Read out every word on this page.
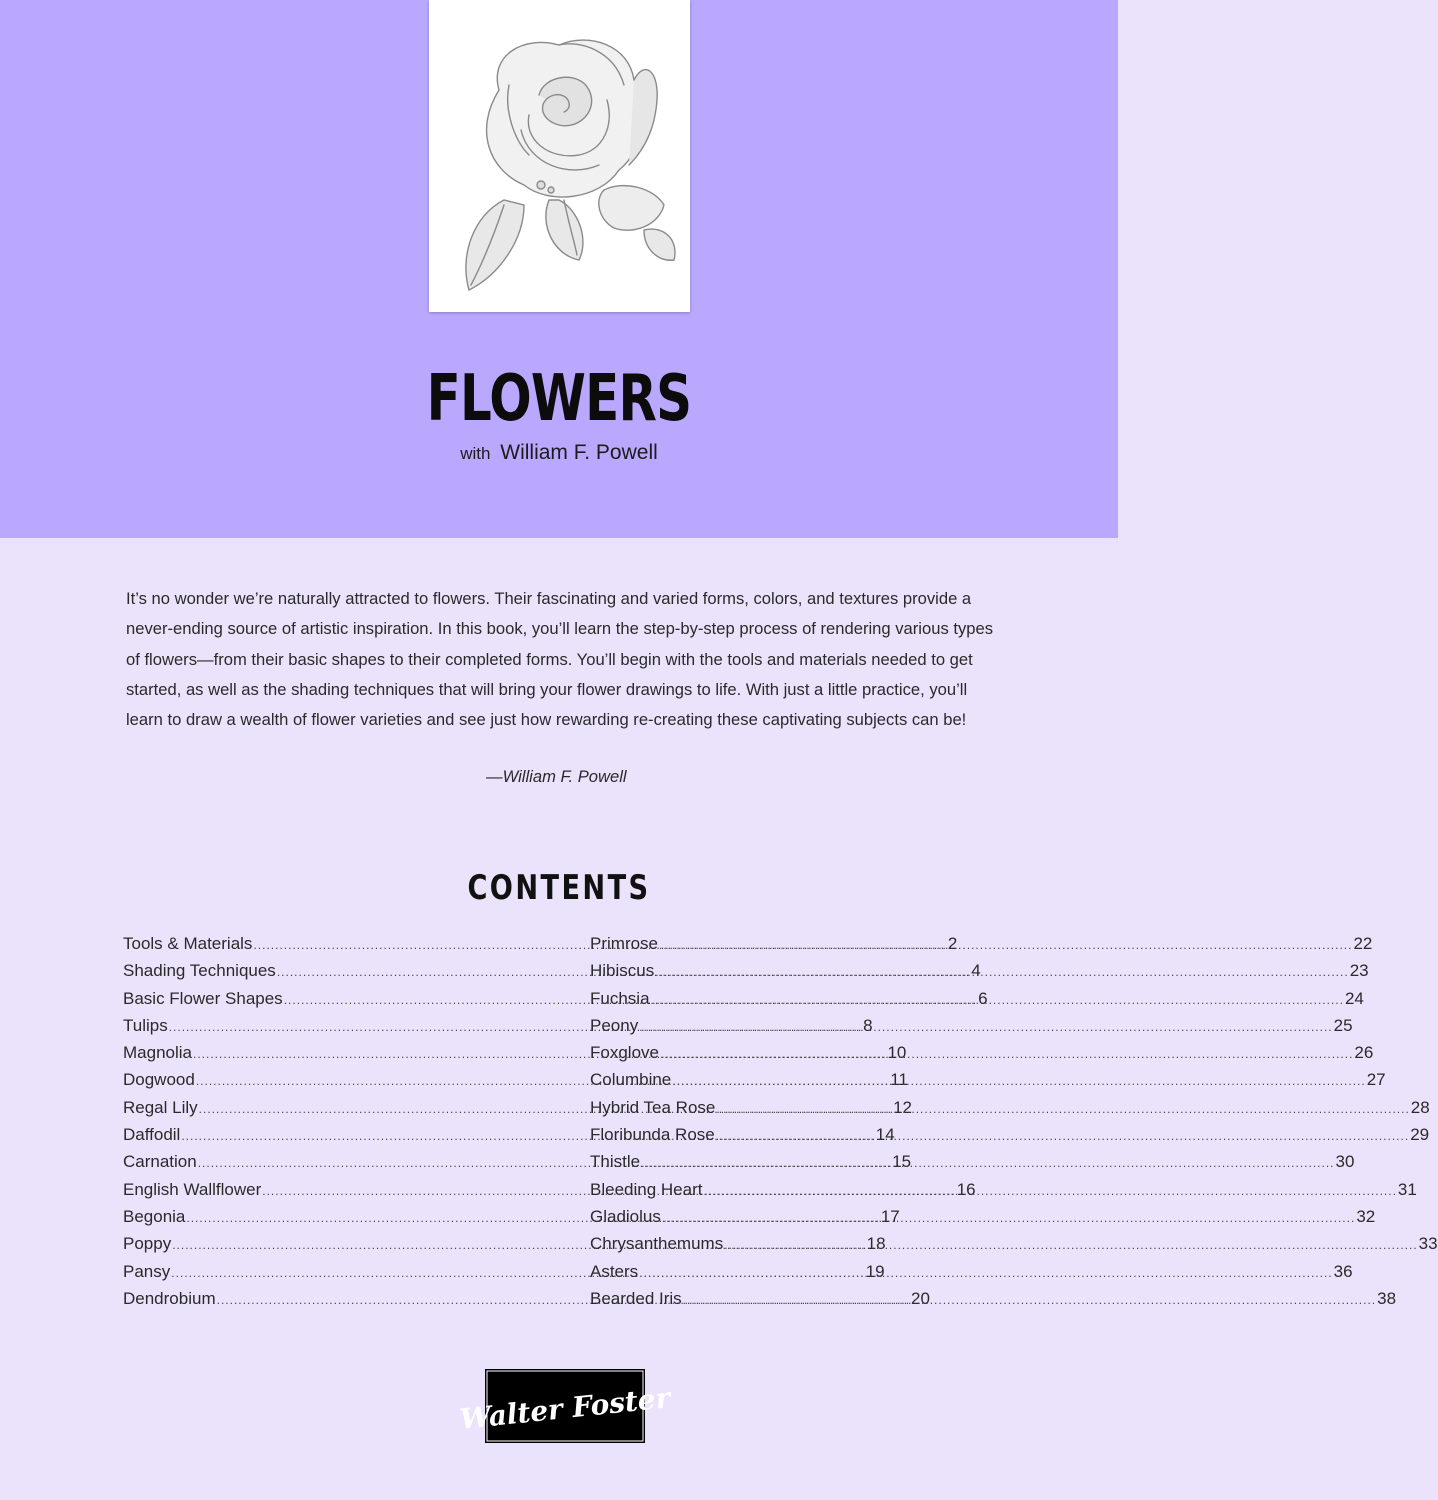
FLOWERS
with William F. Powell
It’s no wonder we’re naturally attracted to flowers. Their fascinating and varied forms, colors, and textures provide a never-ending source of artistic inspiration. In this book, you’ll learn the step-by-step process of rendering various types of flowers—from their basic shapes to their completed forms. You’ll begin with the tools and materials needed to get started, as well as the shading techniques that will bring your flower drawings to life. With just a little practice, you’ll learn to draw a wealth of flower varieties and see just how rewarding re-creating these captivating subjects can be!
—William F. Powell
CONTENTS
Tools & Materials .....	2
Shading Techniques .....	4
Basic Flower Shapes .....	6
Tulips .....	8
Magnolia .....	10
Dogwood .....	11
Regal Lily .....	12
Daffodil .....	14
Carnation .....	15
English Wallflower .....	16
Begonia .....	17
Poppy .....	18
Pansy .....	19
Dendrobium .....	20
Primrose .....	22
Hibiscus .....	23
Fuchsia .....	24
Peony .....	25
Foxglove .....	26
Columbine .....	27
Hybrid Tea Rose .....	28
Floribunda Rose .....	29
Thistle .....	30
Bleeding Heart .....	31
Gladiolus .....	32
Chrysanthemums .....	33
Asters .....	36
Bearded Iris .....	38
Walter Foster
